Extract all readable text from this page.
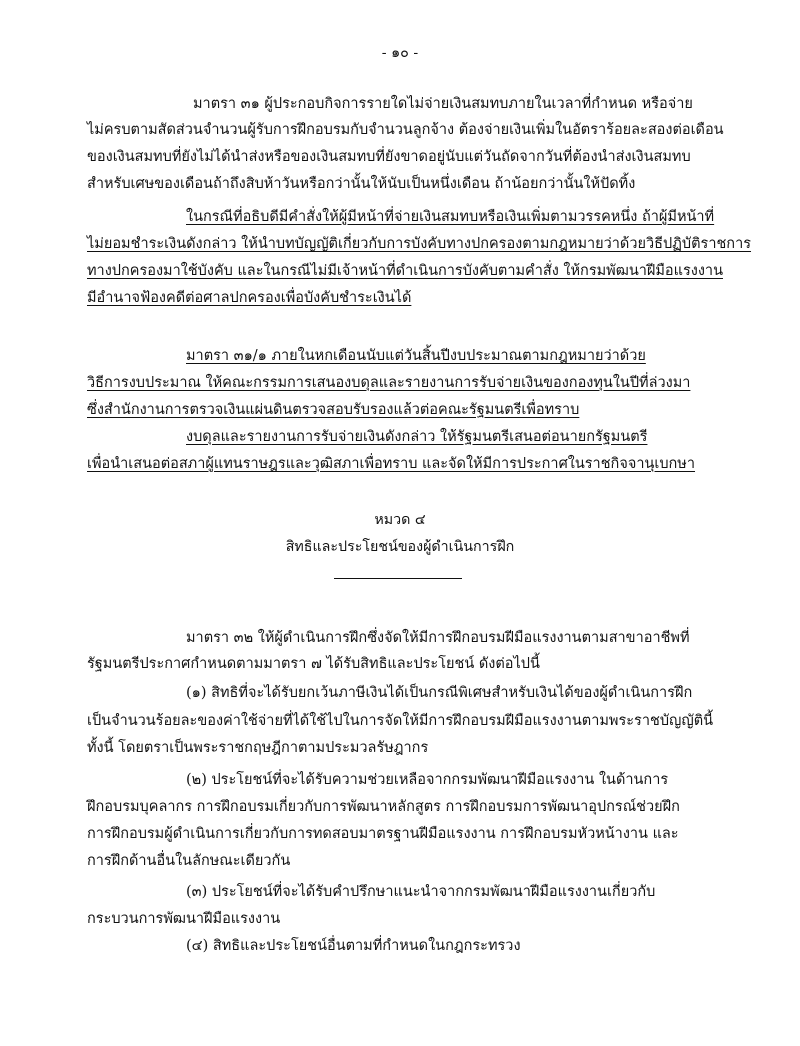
- ๑๐ -
มาตรา ๓๑ ผู้ประกอบกิจการรายใดไม่จ่ายเงินสมทบภายในเวลาที่กำหนด หรือจ่าย
ไม่ครบตามสัดส่วนจำนวนผู้รับการฝึกอบรมกับจำนวนลูกจ้าง ต้องจ่ายเงินเพิ่มในอัตราร้อยละสองต่อเดือน
ของเงินสมทบที่ยังไม่ได้นำส่งหรือของเงินสมทบที่ยังขาดอยู่นับแต่วันถัดจากวันที่ต้องนำส่งเงินสมทบ
สำหรับเศษของเดือนถ้าถึงสิบห้าวันหรือกว่านั้นให้นับเป็นหนึ่งเดือน ถ้าน้อยกว่านั้นให้ปัดทิ้ง
ในกรณีที่อธิบดีมีคำสั่งให้ผู้มีหน้าที่จ่ายเงินสมทบหรือเงินเพิ่มตามวรรคหนึ่ง ถ้าผู้มีหน้าที่
ไม่ยอมชำระเงินดังกล่าว ให้นำบทบัญญัติเกี่ยวกับการบังคับทางปกครองตามกฎหมายว่าด้วยวิธีปฏิบัติราชการ
ทางปกครองมาใช้บังคับ และในกรณีไม่มีเจ้าหน้าที่ดำเนินการบังคับตามคำสั่ง ให้กรมพัฒนาฝีมือแรงงาน
มีอำนาจฟ้องคดีต่อศาลปกครองเพื่อบังคับชำระเงินได้
มาตรา ๓๑/๑ ภายในหกเดือนนับแต่วันสิ้นปีงบประมาณตามกฎหมายว่าด้วย
วิธีการงบประมาณ ให้คณะกรรมการเสนองบดุลและรายงานการรับจ่ายเงินของกองทุนในปีที่ล่วงมา
ซึ่งสำนักงานการตรวจเงินแผ่นดินตรวจสอบรับรองแล้วต่อคณะรัฐมนตรีเพื่อทราบ
งบดุลและรายงานการรับจ่ายเงินดังกล่าว ให้รัฐมนตรีเสนอต่อนายกรัฐมนตรี
เพื่อนำเสนอต่อสภาผู้แทนราษฎรและวุฒิสภาเพื่อทราบ และจัดให้มีการประกาศในราชกิจจานุเบกษา
หมวด ๔
สิทธิและประโยชน์ของผู้ดำเนินการฝึก
มาตรา ๓๒ ให้ผู้ดำเนินการฝึกซึ่งจัดให้มีการฝึกอบรมฝีมือแรงงานตามสาขาอาชีพที่
รัฐมนตรีประกาศกำหนดตามมาตรา ๗ ได้รับสิทธิและประโยชน์ ดังต่อไปนี้
(๑) สิทธิที่จะได้รับยกเว้นภาษีเงินได้เป็นกรณีพิเศษสำหรับเงินได้ของผู้ดำเนินการฝึก
เป็นจำนวนร้อยละของค่าใช้จ่ายที่ได้ใช้ไปในการจัดให้มีการฝึกอบรมฝีมือแรงงานตามพระราชบัญญัตินี้
ทั้งนี้ โดยตราเป็นพระราชกฤษฎีกาตามประมวลรัษฎากร
(๒) ประโยชน์ที่จะได้รับความช่วยเหลือจากกรมพัฒนาฝีมือแรงงาน ในด้านการ
ฝึกอบรมบุคลากร การฝึกอบรมเกี่ยวกับการพัฒนาหลักสูตร การฝึกอบรมการพัฒนาอุปกรณ์ช่วยฝึก
การฝึกอบรมผู้ดำเนินการเกี่ยวกับการทดสอบมาตรฐานฝีมือแรงงาน การฝึกอบรมหัวหน้างาน และ
การฝึกด้านอื่นในลักษณะเดียวกัน
(๓) ประโยชน์ที่จะได้รับคำปรึกษาแนะนำจากกรมพัฒนาฝีมือแรงงานเกี่ยวกับ
กระบวนการพัฒนาฝีมือแรงงาน
(๔) สิทธิและประโยชน์อื่นตามที่กำหนดในกฎกระทรวง
